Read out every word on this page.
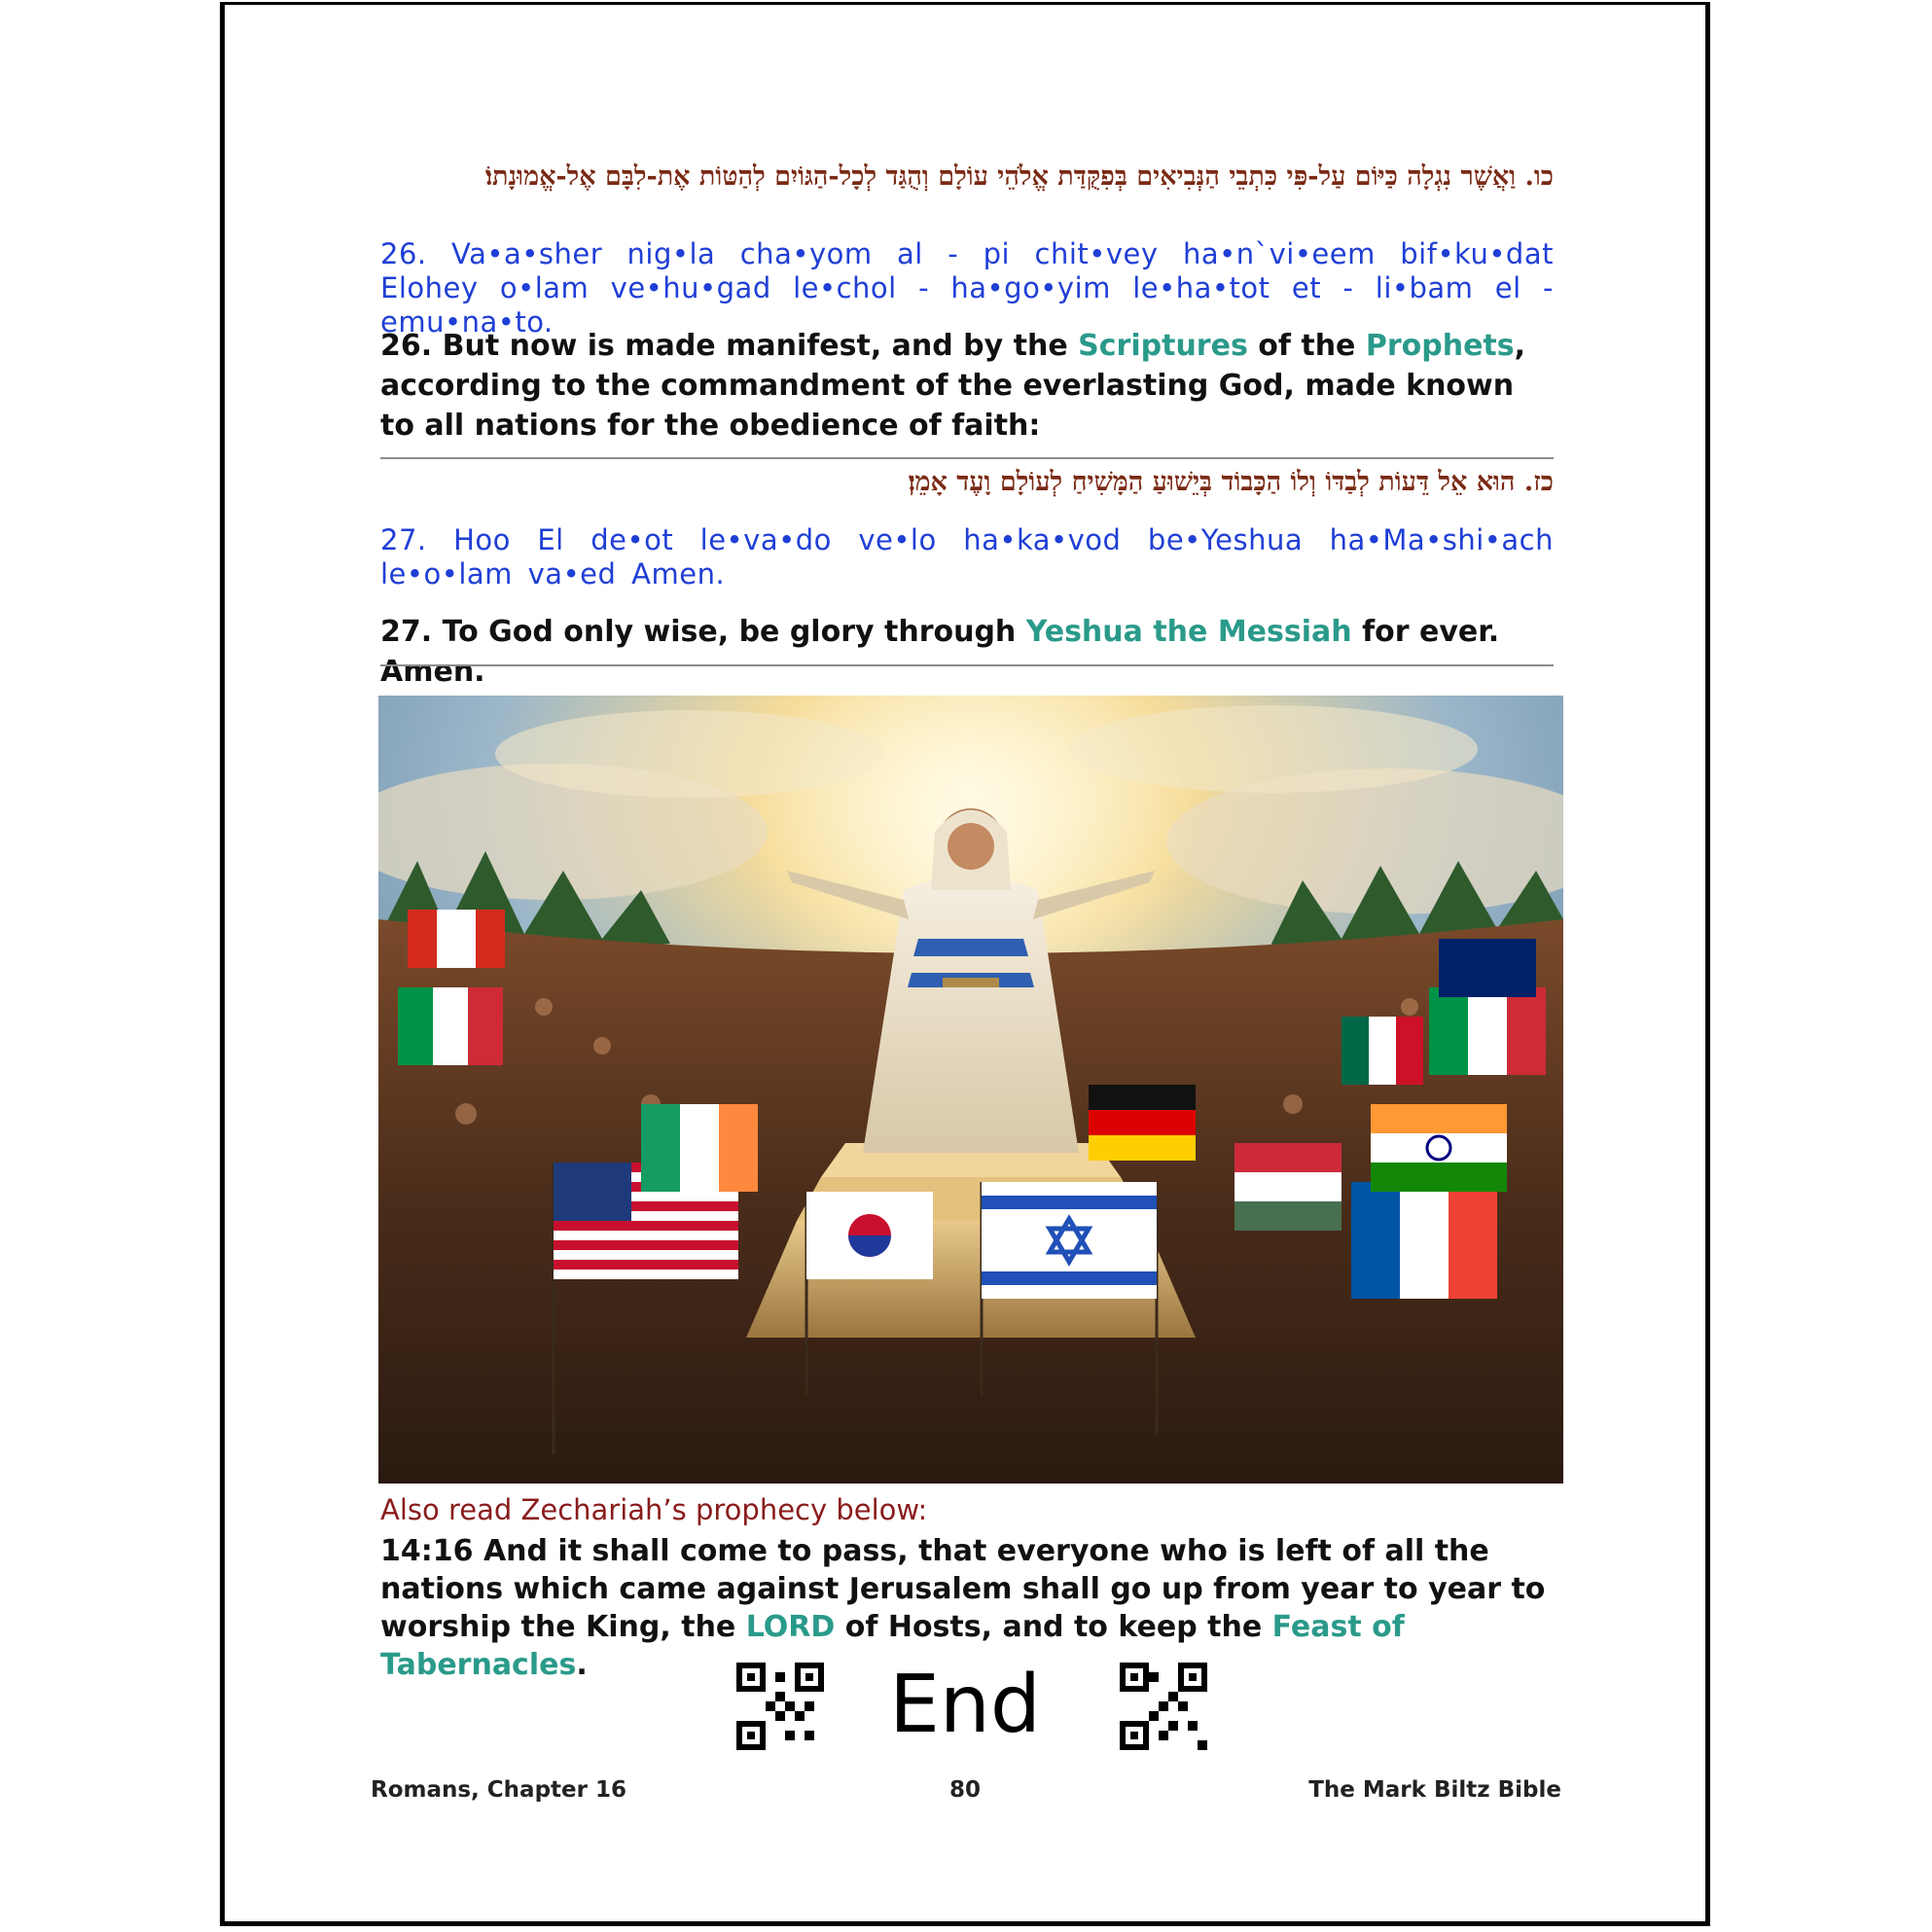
כו. וַאֲשֶׁר נִגְלָה כַּיּוֹם עַל-פִּי כִּתְבֵי הַנְּבִיאִים בְּפִקֻּדַּת אֱלֹהֵי עוֹלָם וְהֻגַּד לְכָל-הַגּוֹיִם לְהַטּוֹת אֶת-לִבָּם אֶל-אֱמוּנָתוֹ׃
26. Va•a•sher nig•la cha•yom al - pi chit•vey ha•n`vi•eem bif•ku•dat Elohey o•lam ve•hu•gad le•chol - ha•go•yim le•ha•tot et - li•bam el - emu•na•to.
26. But now is made manifest, and by the Scriptures of the Prophets, according to the commandment of the everlasting God, made known to all nations for the obedience of faith:
כז. הוּא אֵל דֵּעוֹת לְבַדּוֹ וְלוֹ הַכָּבוֹד בְּיֵשׁוּעַ הַמָּשִׁיחַ לְעוֹלָם וָעֶד אָמֵן׃
27. Hoo El de•ot le•va•do ve•lo ha•ka•vod be•Yeshua ha•Ma•shi•ach le•o•lam va•ed Amen.
27. To God only wise, be glory through Yeshua the Messiah for ever. Amen.
Also read Zechariah’s prophecy below:
14:16 And it shall come to pass, that everyone who is left of all the nations which came against Jerusalem shall go up from year to year to worship the King, the LORD of Hosts, and to keep the Feast of Tabernacles.	End
Romans, Chapter 16	80	The Mark Biltz Bible
